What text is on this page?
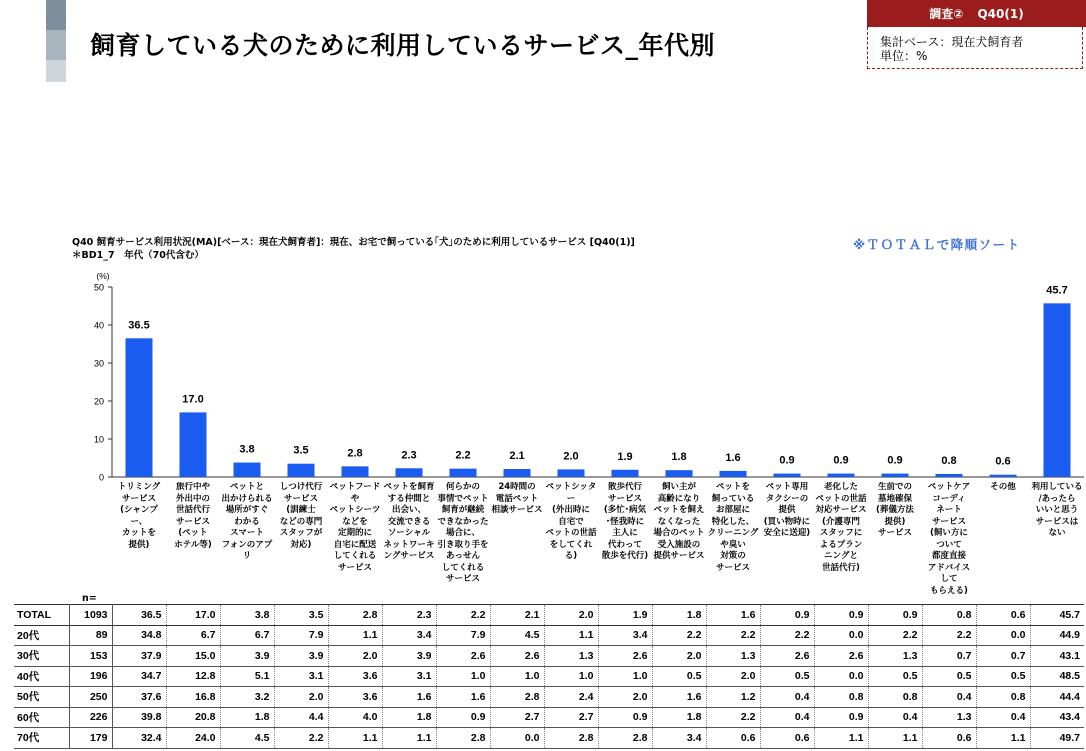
飼育している犬のために利用しているサービス_年代別
調査② Q40(1)
集計ベース：現在犬飼育者
単位：%
Q40 飼育サービス利用状況(MA)[ベース：現在犬飼育者]：現在、お宅で飼っている｢犬｣のために利用しているサービス [Q40(1)]
＊BD1_7　年代（70代含む）
※ＴＯＴＡＬで降順ソート
0
10
20
30
40
50
(%)
36.5
17.0
3.8	3.5	2.8	2.3	2.2	2.1	2.0	1.9	1.8	1.6	0.9	0.9	0.9	0.8	0.6
45.7
トリミング
サービス
(シャンプー、
カットを
提供)
旅行中や
外出中の
世話代行
サービス
(ペット
ホテル等)
ペットと
出かけられる
場所がすぐ
わかる
スマート
フォンのアプリ
しつけ代行
サービス
(訓練士
などの専門
スタッフが
対応)
ペットフードや
ペットシーツ
などを
定期的に
自宅に配送
してくれる
サービス
ペットを飼育
する仲間と
出会い、
交流できる
ソーシャル
ネットワーキ
ングサービス
何らかの
事情でペット
飼育が継続
できなかった
場合に、
引き取り手を
あっせん
してくれる
サービス
24時間の
電話ペット
相談サービス
ペットシッター
(外出時に
自宅で
ペットの世話
をしてくれる)
散歩代行
サービス
(多忙･病気
･怪我時に
主人に
代わって
散歩を代行)
飼い主が
高齢になり
ペットを飼え
なくなった
場合のペット
受入施設の
提供サービス
ペットを
飼っている
お部屋に
特化した、
クリーニング
や臭い
対策の
サービス
ペット専用
タクシーの
提供
(買い物時に
安全に送迎)
老化した
ペットの世話
対応サービス
(介護専門
スタッフに
よるプラン
ニングと
世話代行)
生前での
墓地確保
(葬儀方法
提供)
サービス
ペットケア
コーディ
ネート
サービス
(飼い方に
ついて
都度直接
アドバイス
して
もらえる)
その他	利用している
/あったら
いいと思う
サービスは
ない
n=
TOTAL	1093	36.5	17.0	3.8	3.5	2.8	2.3	2.2	2.1	2.0	1.9	1.8	1.6	0.9	0.9	0.9	0.8	0.6	45.7
20代	89	34.8	6.7	6.7	7.9	1.1	3.4	7.9	4.5	1.1	3.4	2.2	2.2	2.2	0.0	2.2	2.2	0.0	44.9
30代	153	37.9	15.0	3.9	3.9	2.0	3.9	2.6	2.6	1.3	2.6	2.0	1.3	2.6	2.6	1.3	0.7	0.7	43.1
40代	196	34.7	12.8	5.1	3.1	3.6	3.1	1.0	1.0	1.0	1.0	0.5	2.0	0.5	0.0	0.5	0.5	0.5	48.5
50代	250	37.6	16.8	3.2	2.0	3.6	1.6	1.6	2.8	2.4	2.0	1.6	1.2	0.4	0.8	0.8	0.4	0.8	44.4
60代	226	39.8	20.8	1.8	4.4	4.0	1.8	0.9	2.7	2.7	0.9	1.8	2.2	0.4	0.9	0.4	1.3	0.4	43.4
70代	179	32.4	24.0	4.5	2.2	1.1	1.1	2.8	0.0	2.8	2.8	3.4	0.6	0.6	1.1	1.1	0.6	1.1	49.7
